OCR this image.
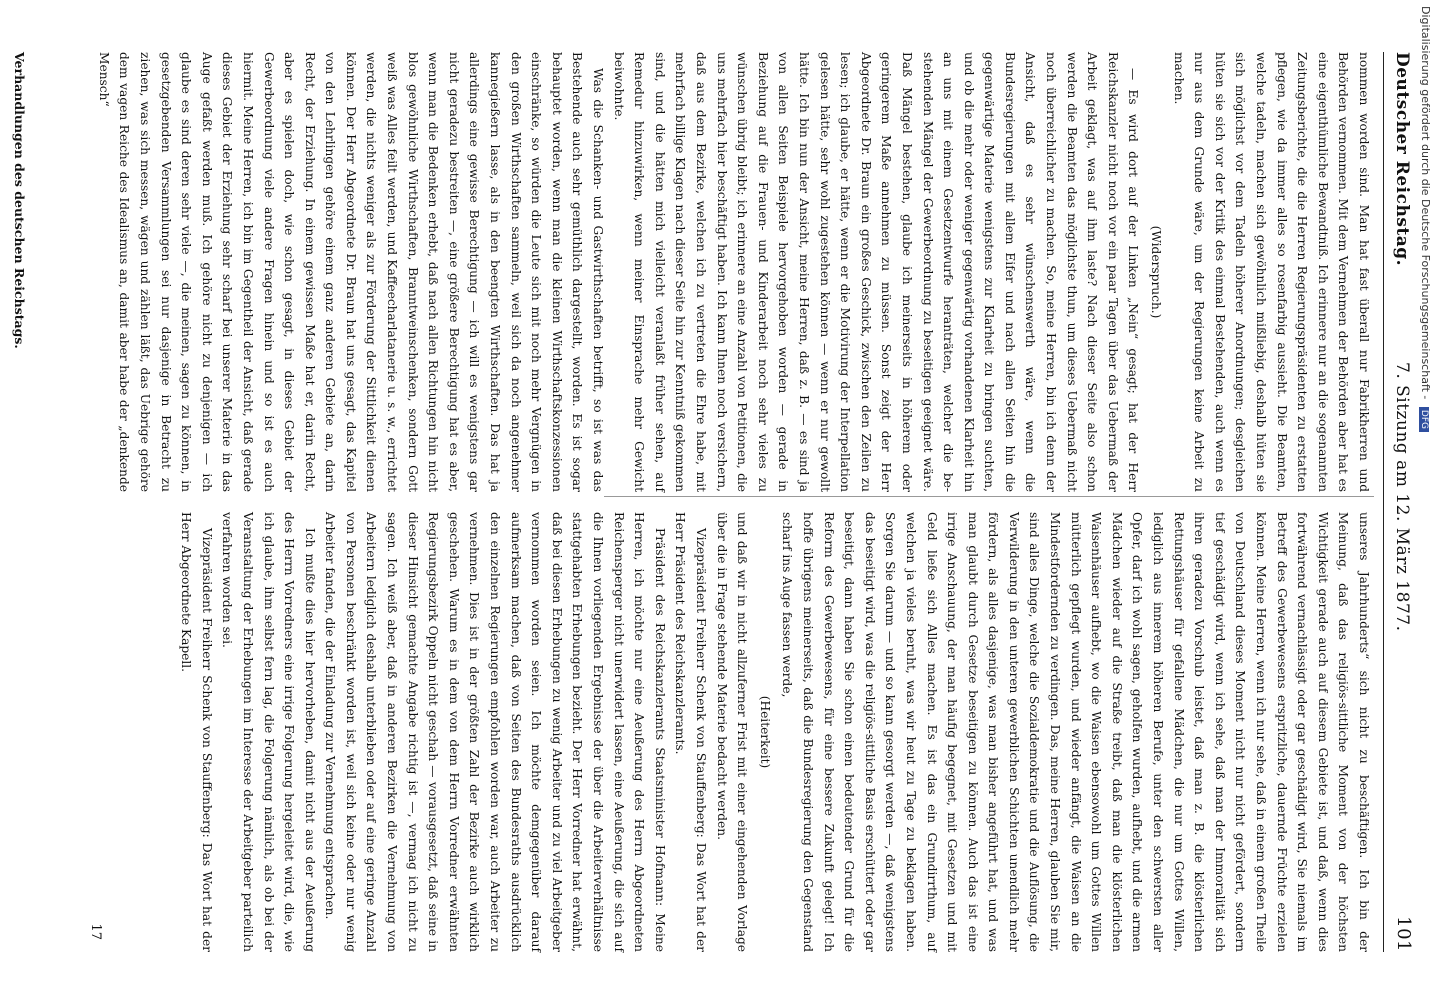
Deutscher Reichstag.
7. Sitzung am 12. März 1877.
101

nommen worden sind. Man hat fast überall nur Fabrikherren und Behörden vernommen. Mit dem Vernehmen der Behörden aber hat es eine eigenthümliche Bewandtniß. Ich erinnere nur an die sogenannten Zeitungsberichte, die die Herren Regierungspräsidenten zu erstatten pflegen, wie da immer alles so rosenfarbig aussieht. Die Beamten, welche tadeln, machen sich gewöhnlich mißliebig, deshalb hüten sie sich möglichst vor dem Tadeln höherer Anordnungen; desgleichen hüten sie sich vor der Kritik des einmal Bestehenden, auch wenn es nur aus dem Grunde wäre, um der Regierungen keine Arbeit zu machen.

(Widerspruch.)

— Es wird dort auf der Linken „Nein“ gesagt; hat der Herr Reichskanzler nicht noch vor ein paar Tagen über das Uebermaß der Arbeit geklagt, was auf ihm laste? Nach dieser Seite also schon werden die Beamten das möglichste thun, um dieses Uebermaß nicht noch überreichlicher zu machen. So, meine Herren, bin ich denn der Ansicht, daß es sehr wünschenswerth wäre, wenn die Bundesregierungen mit allem Eifer und nach allen Seiten hin die gegenwärtige Materie wenigstens zur Klarheit zu bringen suchten, und ob die mehr oder weniger gegenwärtig vorhandenen Klarheit hin an uns mit einem Gesetzentwurfe heranträten, welcher die bestehenden Mängel der Gewerbeordnung zu beseitigen geeignet wäre. Daß Mängel bestehen, glaube ich meinerseits in höherem oder geringerem Maße annehmen zu müssen. Sonst zeigt der Herr Abgeordnete Dr. Braun ein großes Geschick, zwischen den Zeilen zu lesen; ich glaube, er hätte, wenn er die Motivirung der Interpellation gelesen hätte, sehr wohl zugestehen können — wenn er nur gewollt hätte. Ich bin nun der Ansicht, meine Herren, daß z. B. — es sind ja von allen Seiten Beispiele hervorgehoben worden — gerade in Beziehung auf die Frauen- und Kinderarbeit noch sehr vieles zu wünschen übrig bleibt; ich erinnere an eine Anzahl von Petitionen, die uns mehrfach hier beschäftigt haben. Ich kann Ihnen noch versichern, daß aus dem Bezirke, welchen ich zu vertreten die Ehre habe, mit mehrfach billige Klagen nach dieser Seite hin zur Kenntniß gekommen sind, und die hätten mich vielleicht veranlaßt früher sehen, auf Remedur hinzuwirken, wenn meiner Einsprache mehr Gewicht beiwohnte.

Was die Schanken- und Gastwirthschaften betrifft, so ist was das Bestehende auch sehr gemüthlich dargestellt, worden. Es ist sogar behauptet worden, wenn man die kleinen Wirthschaftskonzessionen einschränke, so würden die Leute sich mit noch mehr Vergnügen in den großen Wirthschaften sammeln, weil sich da noch angenehmer kannegießern lasse, als in den beengten Wirthschaften. Das hat ja allerdings eine gewisse Berechtigung — ich will es wenigstens gar nicht geradezu bestreiten —, eine größere Berechtigung hat es aber, wenn man die Bedenken erhebt, daß nach allen Richtungen hin nicht blos gewöhnliche Wirthschaften, Branntweinschenken, sondern Gott weiß was Alles feilt werden, und Kaffeecharlatanerie u. s. w., errichtet werden, die nichts weniger als zur Förderung der Sittlichkeit dienen können. Der Herr Abgeordnete Dr. Braun hat uns gesagt, das Kapitel von den Lehrlingen gehöre einem ganz anderen Gebiete an, darin Recht, der Erziehung. In einem gewissen Maße hat er, darin Recht, aber es spielen doch, wie schon gesagt, in dieses Gebiet der Gewerbeordnung viele andere Fragen hinein und so ist es auch hiermit. Meine Herren, ich bin im Gegentheil der Ansicht, daß gerade dieses Gebiet der Erziehung sehr scharf bei unserer Materie in das Auge gefaßt werden muß. Ich gehöre nicht zu denjenigen — ich glaube es sind deren sehr viele —, die meinen, sagen zu können, in gesetzgebenden Versammlungen sei nur dasjenige in Betracht zu ziehen, was sich messen, wägen und zählen läßt, das Uebrige gehöre dem vagen Reiche des Idealismus an, damit aber habe der „denkende Mensch“

unseres Jahrhunderts“ sich nicht zu beschäftigen. Ich bin der Meinung, daß das religiös-sittliche Moment von der höchsten Wichtigkeit gerade auch auf diesem Gebiete ist, und daß, wenn dies fortwährend vernachlässigt oder gar geschädigt wird, Sie niemals im Betreff des Gewerbewesens erspritzliche, dauernde Früchte erzielen können. Meine Herren, wenn ich nur sehe, daß in einem großen Theile von Deutschland dieses Moment nicht nur nicht gefördert, sondern tief geschädigt wird, wenn ich sehe, daß man der Immoralität sich ihren geradezu Vorschub leistet, daß man z. B. die klösterlichen Rettungshäuser für gefallene Mädchen, die nur um Gottes Willen, lediglich aus innerem höheren Berufe, unter den schwersten aller Opfer, darf ich wohl sagen, geholfen wurden, aufhebt, und die armen Mädchen wieder auf die Straße treibt, daß man die klösterlichen Waisenhäuser aufhebt, wo die Waisen ebensowohl um Gottes Willen mütterlich gepflegt wurden, und wieder anfängt, die Waisen an die Mindestfordernden zu verdingen. Das, meine Herren, glauben Sie mir, sind alles Dinge, welche die Sozialdemokratie und die Auflösung, die Verwilderung in den unteren gewerblichen Schichten unendlich mehr fördern, als alles dasjenige, was man bisher angeführt hat, und was man glaubt durch Gesetze beseitigen zu können. Auch das ist eine irrige Anschauung, der man häufig begegnet, mit Gesetzen und mit Geld ließe sich Alles machen. Es ist das ein Grundirrthum, auf welchen ja vieles beruht, was wir heut zu Tage zu beklagen haben. Sorgen Sie darum — und so kann gesorgt werden —, daß wenigstens das beseitigt wird, was die religiös-sittliche Basis erschüttert oder gar beseitigt, dann haben Sie schon einen bedeutender Grund für die Reform des Gewerbewesens, für eine bessere Zukunft gelegt! Ich hoffe übrigens meinerseits, daß die Bundesregierung den Gegenstand scharf ins Auge fassen werde,

(Heiterkeit)

und daß wir in nicht allzuferner Frist mit einer eingehenden Vorlage über die in Frage stehende Materie bedacht werden.

Vizepräsident Freiherr Schenk von Stauffenberg: Das Wort hat der Herr Präsident des Reichskanzleramts.

Präsident des Reichskanzleramts Staatsminister Hofmann: Meine Herren, ich möchte nur eine Aeußerung des Herrn Abgeordneten Reichensperger nicht unerwidert lassen, eine Aeußerung, die sich auf die Ihnen vorliegenden Ergebnisse der über die Arbeiterverhältnisse stattgehabten Erhebungen bezieht. Der Herr Vorredner hat erwähnt, daß bei diesen Erhebungen zu wenig Arbeiter und zu viel Arbeitgeber vernommen worden seien. Ich möchte demgegenüber darauf aufmerksam machen, daß von Seiten des Bundesraths ausdrücklich den einzelnen Regierungen empfohlen worden war, auch Arbeiter zu vernehmen. Dies ist in der größten Zahl der Bezirke auch wirklich geschehen. Warum es in dem von dem Herrn Vorredner erwähnten Regierungsbezirk Oppeln nicht geschah — vorausgesetzt, daß seine in dieser Hinsicht gemachte Angabe richtig ist —, vermag ich nicht zu sagen. Ich weiß aber, daß in anderen Bezirken die Vernehmung von Arbeitern lediglich deshalb unterblieben oder auf eine geringe Anzahl von Personen beschränkt worden ist, weil sich keine oder nur wenig Arbeiter fanden, die der Einladung zur Vernehmung entsprachen.

Ich mußte dies hier hervorheben, damit nicht aus der Aeußerung des Herrn Vorredners eine irrige Folgerung hergeleitet wird, die, wie ich glaube, ihm selbst fern lag, die Folgerung nämlich, als ob bei der Veranstaltung der Erhebungen im Interesse der Arbeitgeber parteilich verfahren worden sei.

Vizepräsident Freiherr Schenk von Stauffenberg: Das Wort hat der Herr Abgeordnete Kapell.

Verhandlungen des deutschen Reichstags.
17
Digitalisierung gefördert durch die Deutsche Forschungsgemeinschaft - DFG
